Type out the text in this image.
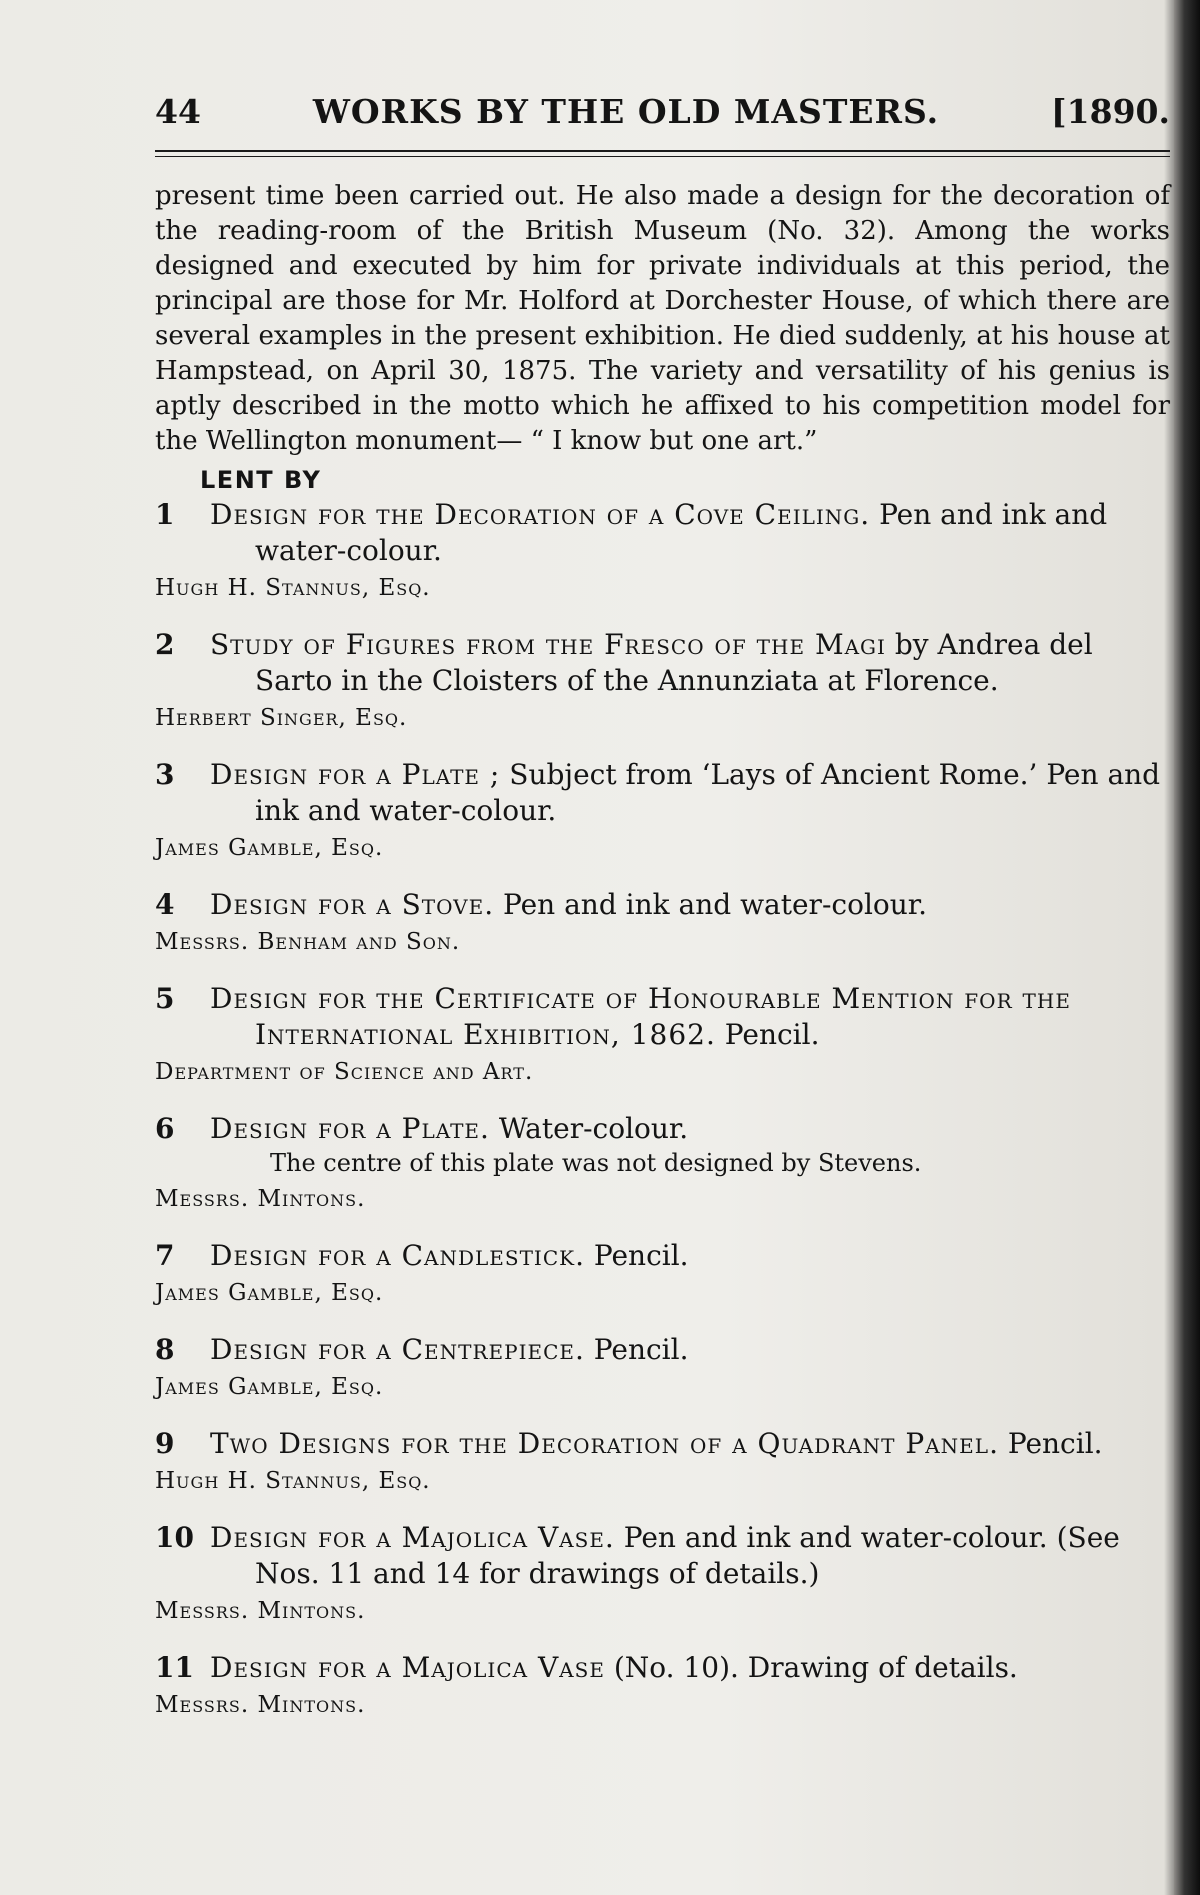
44	WORKS BY THE OLD MASTERS.	[1890.

present time been carried out. He also made a design for the decoration of the reading-room of the British Museum (No. 32). Among the works designed and executed by him for private individuals at this period, the principal are those for Mr. Holford at Dorchester House, of which there are several examples in the present exhibition. He died suddenly, at his house at Hampstead, on April 30, 1875. The variety and versatility of his genius is aptly described in the motto which he affixed to his competition model for the Wellington monument— “ I know but one art.”

LENT BY
1 Design for the Decoration of a Cove Ceiling. Pen and ink and water-colour.
Hugh H. Stannus, Esq.
2 Study of Figures from the Fresco of the Magi by Andrea del Sarto in the Cloisters of the Annunziata at Florence.
Herbert Singer, Esq.
3 Design for a Plate ; Subject from ‘Lays of Ancient Rome.’ Pen and ink and water-colour.
James Gamble, Esq.
4 Design for a Stove. Pen and ink and water-colour.
Messrs. Benham and Son.
5 Design for the Certificate of Honourable Mention for the International Exhibition, 1862. Pencil.
Department of Science and Art.
6 Design for a Plate. Water-colour.
The centre of this plate was not designed by Stevens.
Messrs. Mintons.
7 Design for a Candlestick. Pencil.
James Gamble, Esq.
8 Design for a Centrepiece. Pencil.
James Gamble, Esq.
9 Two Designs for the Decoration of a Quadrant Panel. Pencil.
Hugh H. Stannus, Esq.
10 Design for a Majolica Vase. Pen and ink and water-colour. (See Nos. 11 and 14 for drawings of details.)
Messrs. Mintons.
11 Design for a Majolica Vase (No. 10). Drawing of details.
Messrs. Mintons.
